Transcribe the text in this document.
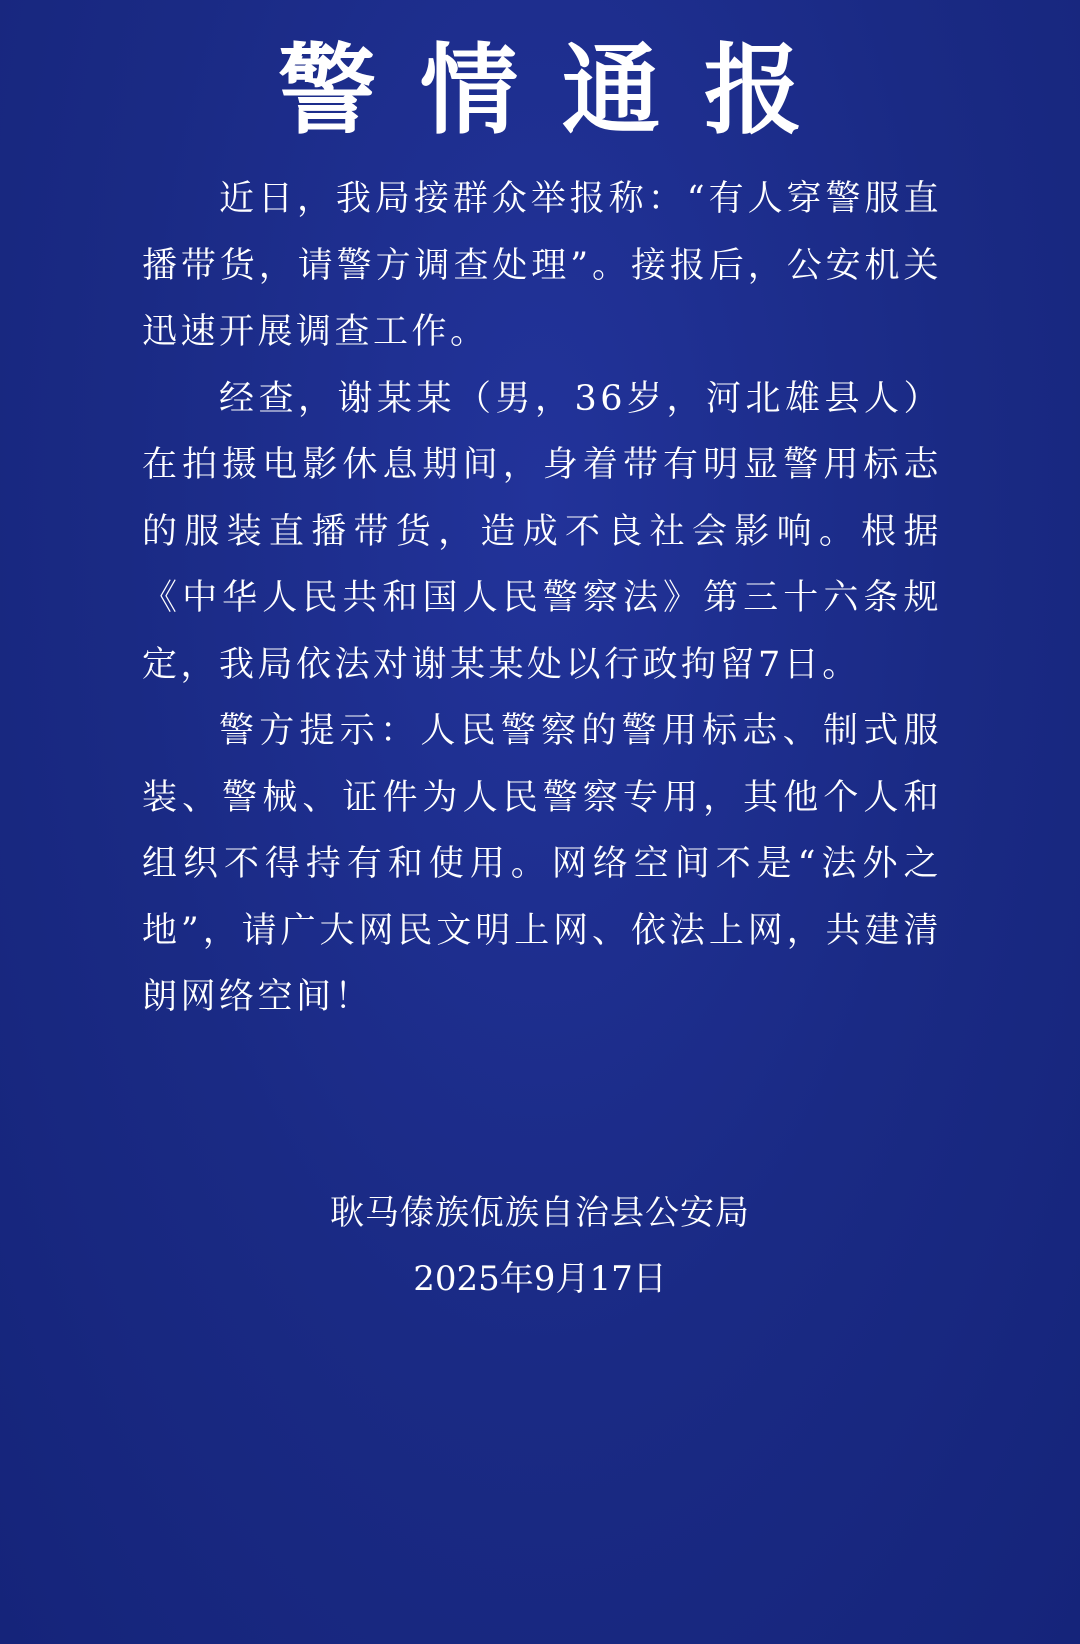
警情通报

近日，我局接群众举报称：“有人穿警服直播带货，请警方调查处理”。接报后，公安机关迅速开展调查工作。

经查，谢某某（男，36岁，河北雄县人）在拍摄电影休息期间，身着带有明显警用标志的服装直播带货，造成不良社会影响。根据《中华人民共和国人民警察法》第三十六条规定，我局依法对谢某某处以行政拘留7日。

警方提示：人民警察的警用标志、制式服装、警械、证件为人民警察专用，其他个人和组织不得持有和使用。网络空间不是“法外之地”，请广大网民文明上网、依法上网，共建清朗网络空间！

耿马傣族佤族自治县公安局
2025年9月17日
